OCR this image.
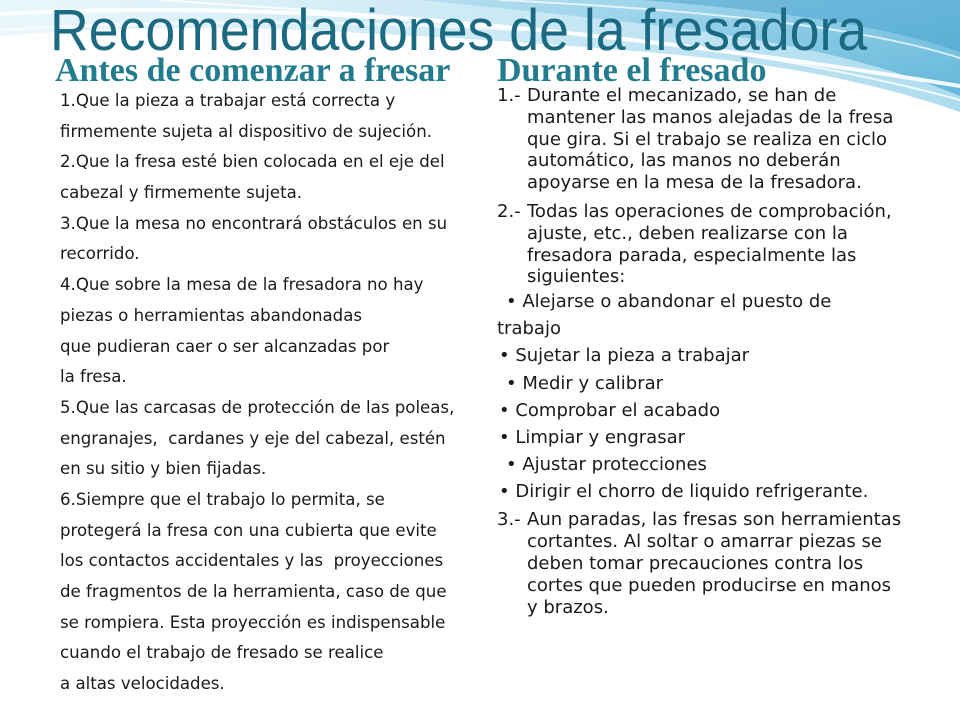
Recomendaciones de la fresadora
Antes de comenzar a fresar Durante el fresado
1.Que la pieza a trabajar está correcta y
firmemente sujeta al dispositivo de sujeción.
2.Que la fresa esté bien colocada en el eje del
cabezal y firmemente sujeta.
3.Que la mesa no encontrará obstáculos en su
recorrido.
4.Que sobre la mesa de la fresadora no hay
piezas o herramientas abandonadas
que pudieran caer o ser alcanzadas por
la fresa.
5.Que las carcasas de protección de las poleas,
engranajes,  cardanes y eje del cabezal, estén
en su sitio y bien fijadas.
6.Siempre que el trabajo lo permita, se
protegerá la fresa con una cubierta que evite
los contactos accidentales y las  proyecciones
de fragmentos de la herramienta, caso de que
se rompiera. Esta proyección es indispensable
cuando el trabajo de fresado se realice
a altas velocidades.
1.- Durante el mecanizado, se han de
mantener las manos alejadas de la fresa
que gira. Si el trabajo se realiza en ciclo
automático, las manos no deberán
apoyarse en la mesa de la fresadora.
2.- Todas las operaciones de comprobación,
ajuste, etc., deben realizarse con la
fresadora parada, especialmente las
siguientes:
• Alejarse o abandonar el puesto de
trabajo
• Sujetar la pieza a trabajar
• Medir y calibrar
• Comprobar el acabado
• Limpiar y engrasar
• Ajustar protecciones
• Dirigir el chorro de liquido refrigerante.
3.- Aun paradas, las fresas son herramientas
cortantes. Al soltar o amarrar piezas se
deben tomar precauciones contra los
cortes que pueden producirse en manos
y brazos.
